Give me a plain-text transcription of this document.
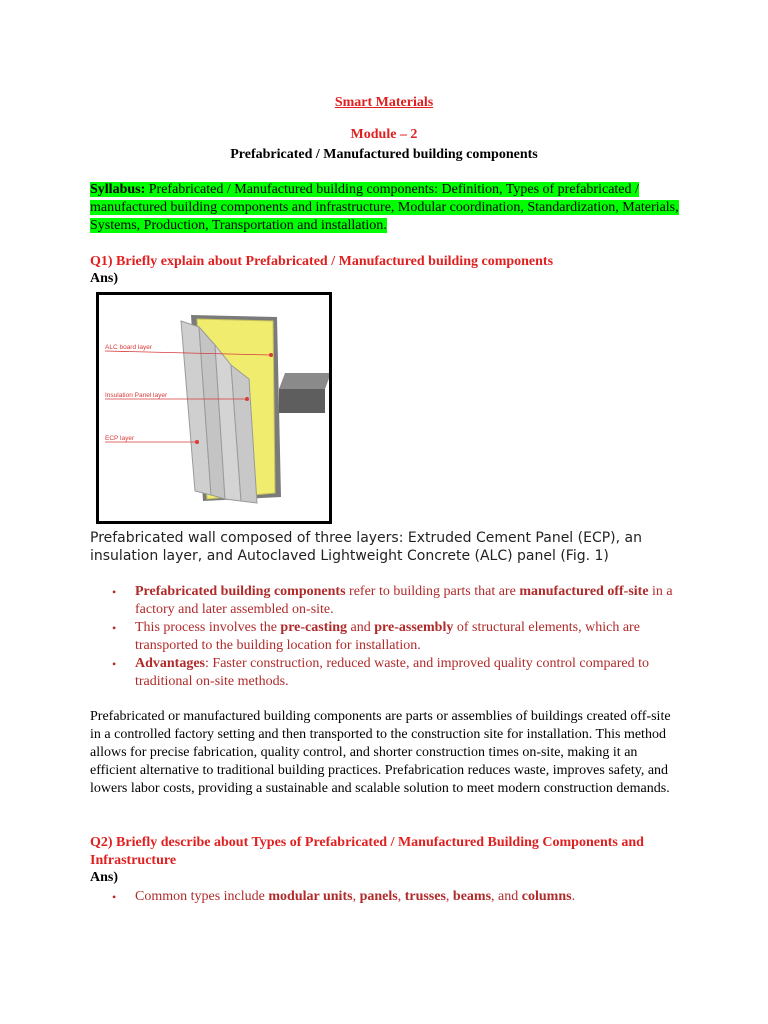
Smart Materials
Module – 2
Prefabricated / Manufactured building components
Syllabus: Prefabricated / Manufactured building components: Definition, Types of prefabricated / manufactured building components and infrastructure, Modular coordination, Standardization, Materials, Systems, Production, Transportation and installation.
Q1) Briefly explain about Prefabricated / Manufactured building components
Ans)
ALC board layer
Insulation Panel layer
ECP layer
Prefabricated wall composed of three layers: Extruded Cement Panel (ECP), an insulation layer, and Autoclaved Lightweight Concrete (ALC) panel (Fig. 1)
• Prefabricated building components refer to building parts that are manufactured off-site in a factory and later assembled on-site.
• This process involves the pre-casting and pre-assembly of structural elements, which are transported to the building location for installation.
• Advantages: Faster construction, reduced waste, and improved quality control compared to traditional on-site methods.
Prefabricated or manufactured building components are parts or assemblies of buildings created off-site in a controlled factory setting and then transported to the construction site for installation. This method allows for precise fabrication, quality control, and shorter construction times on-site, making it an efficient alternative to traditional building practices. Prefabrication reduces waste, improves safety, and lowers labor costs, providing a sustainable and scalable solution to meet modern construction demands.
Q2) Briefly describe about Types of Prefabricated / Manufactured Building Components and Infrastructure
Ans)
• Common types include modular units, panels, trusses, beams, and columns.
